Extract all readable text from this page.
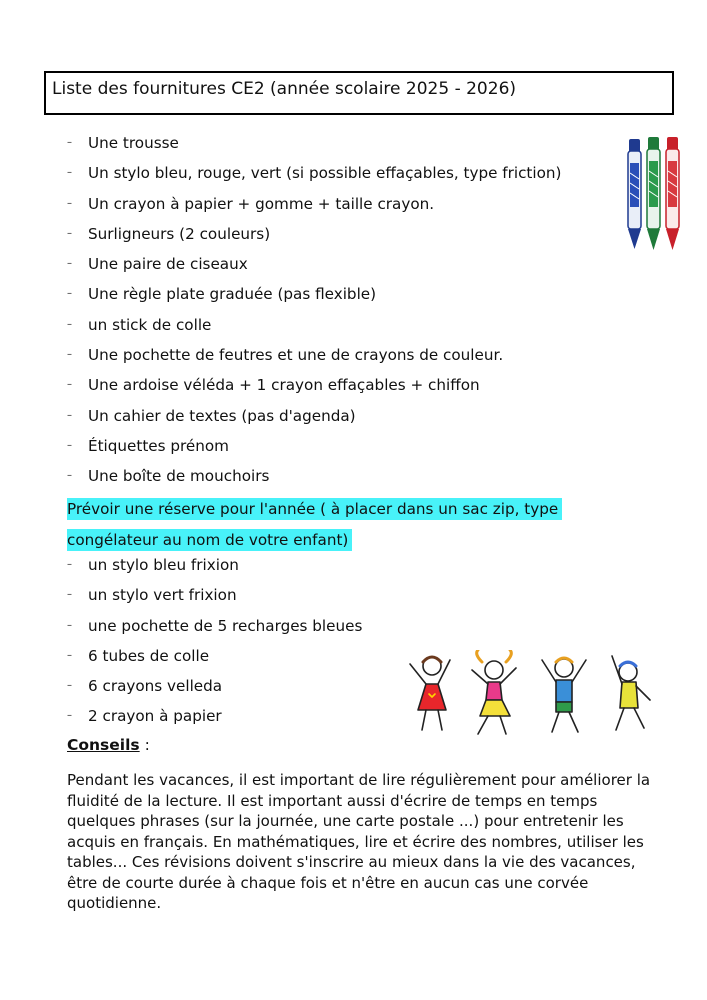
Liste des fournitures CE2 (année scolaire 2025 - 2026)
– Une trousse
– Un stylo bleu, rouge, vert (si possible effaçables, type friction)
– Un crayon à papier + gomme + taille crayon.
– Surligneurs (2 couleurs)
– Une paire de ciseaux
– Une règle plate graduée (pas flexible)
– un stick de colle
– Une pochette de feutres et une de crayons de couleur.
– Une ardoise véléda + 1 crayon effaçables + chiffon
– Un cahier de textes (pas d'agenda)
– Étiquettes prénom
– Une boîte de mouchoirs
Prévoir une réserve pour l'année ( à placer dans un sac zip, type congélateur au nom de votre enfant)
– un stylo bleu frixion
– un stylo vert frixion
– une pochette de 5 recharges bleues
– 6 tubes de colle
– 6 crayons velleda
– 2 crayon à papier
Conseils :
Pendant les vacances, il est important de lire régulièrement pour améliorer la fluidité de la lecture. Il est important aussi d'écrire de temps en temps quelques phrases (sur la journée, une carte postale ...) pour entretenir les acquis en français. En mathématiques, lire et écrire des nombres, utiliser les tables... Ces révisions doivent s'inscrire au mieux dans la vie des vacances, être de courte durée à chaque fois et n'être en aucun cas une corvée quotidienne.
